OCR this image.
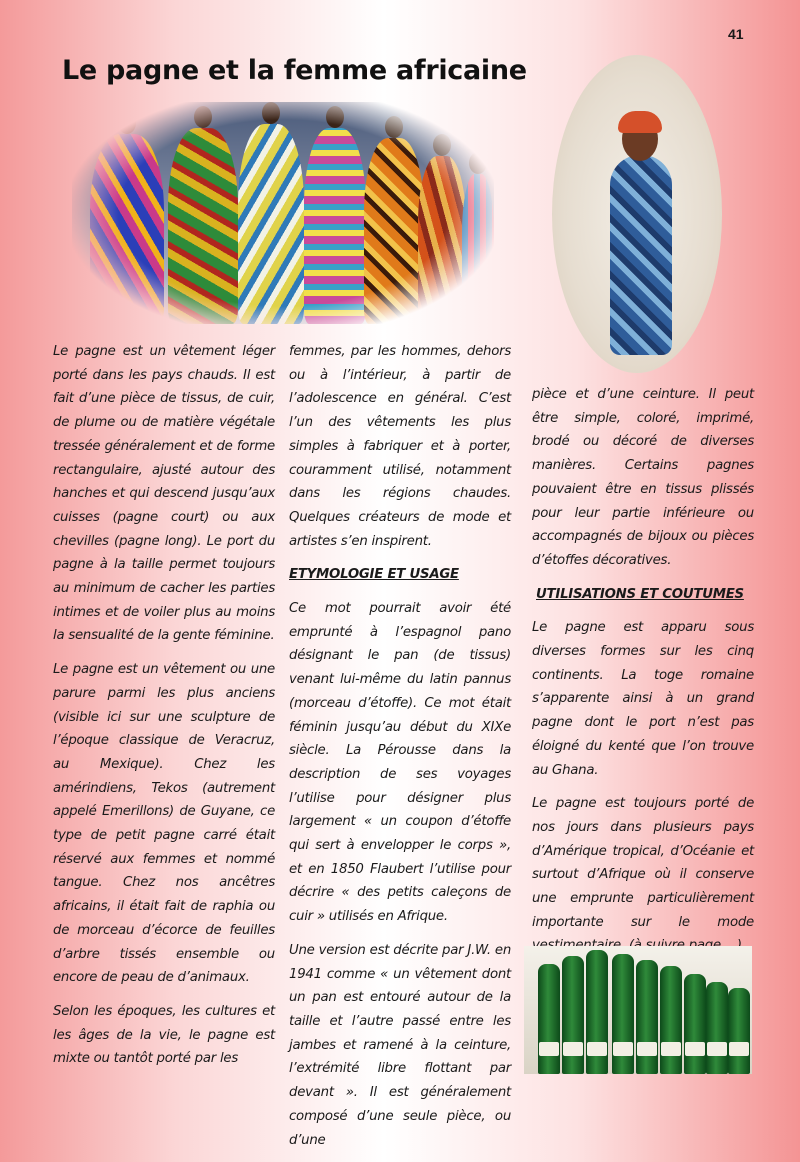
41
Le pagne et la femme africaine

Le pagne est un vêtement léger porté dans les pays chauds. Il est fait d’une pièce de tissus, de cuir, de plume ou de matière végétale tressée généralement et de forme rectangulaire, ajusté autour des hanches et qui descend jusqu’aux cuisses (pagne court) ou aux chevilles (pagne long). Le port du pagne à la taille permet toujours au minimum de cacher les parties intimes et de voiler plus au moins la sensualité de la gente féminine.

Le pagne est un vêtement ou une parure parmi les plus anciens (visible ici sur une sculpture de l’époque classique de Veracruz, au Mexique). Chez les amérindiens, Tekos (autrement appelé Emerillons) de Guyane, ce type de petit pagne carré était réservé aux femmes et nommé tangue. Chez nos ancêtres africains, il était fait de raphia ou de morceau d’écorce de feuilles d’arbre tissés ensemble ou encore de peau de d’animaux.

Selon les époques, les cultures et les âges de la vie, le pagne est mixte ou tantôt porté par les

femmes, par les hommes, dehors ou à l’intérieur, à partir de l’adolescence en général. C’est l’un des vêtements les plus simples à fabriquer et à porter, couramment utilisé, notamment dans les régions chaudes. Quelques créateurs de mode et artistes s’en inspirent.

ETYMOLOGIE ET USAGE

Ce mot pourrait avoir été emprunté à l’espagnol pano désignant le pan (de tissus) venant lui-même du latin pannus (morceau d’étoffe). Ce mot était féminin jusqu’au début du XIXe siècle. La Pérousse dans la description de ses voyages l’utilise pour désigner plus largement « un coupon d’étoffe qui sert à envelopper le corps », et en 1850 Flaubert l’utilise pour décrire « des petits caleçons de cuir » utilisés en Afrique.

Une version est décrite par J.W. en 1941 comme « un vêtement dont un pan est entouré autour de la taille et l’autre passé entre les jambes et ramené à la ceinture, l’extrémité libre flottant par devant ». Il est généralement composé d’une seule pièce, ou d’une

pièce et d’une ceinture. Il peut être simple, coloré, imprimé, brodé ou décoré de diverses manières. Certains pagnes pouvaient être en tissus plissés pour leur partie inférieure ou accompagnés de bijoux ou pièces d’étoffes décoratives.

UTILISATIONS ET COUTUMES

Le pagne est apparu sous diverses formes sur les cinq continents. La toge romaine s’apparente ainsi à un grand pagne dont le port n’est pas éloigné du kenté que l’on trouve au Ghana.

Le pagne est toujours porté de nos jours dans plusieurs pays d’Amérique tropical, d’Océanie et surtout d’Afrique où il conserve une emprunte particulièrement importante sur le mode
